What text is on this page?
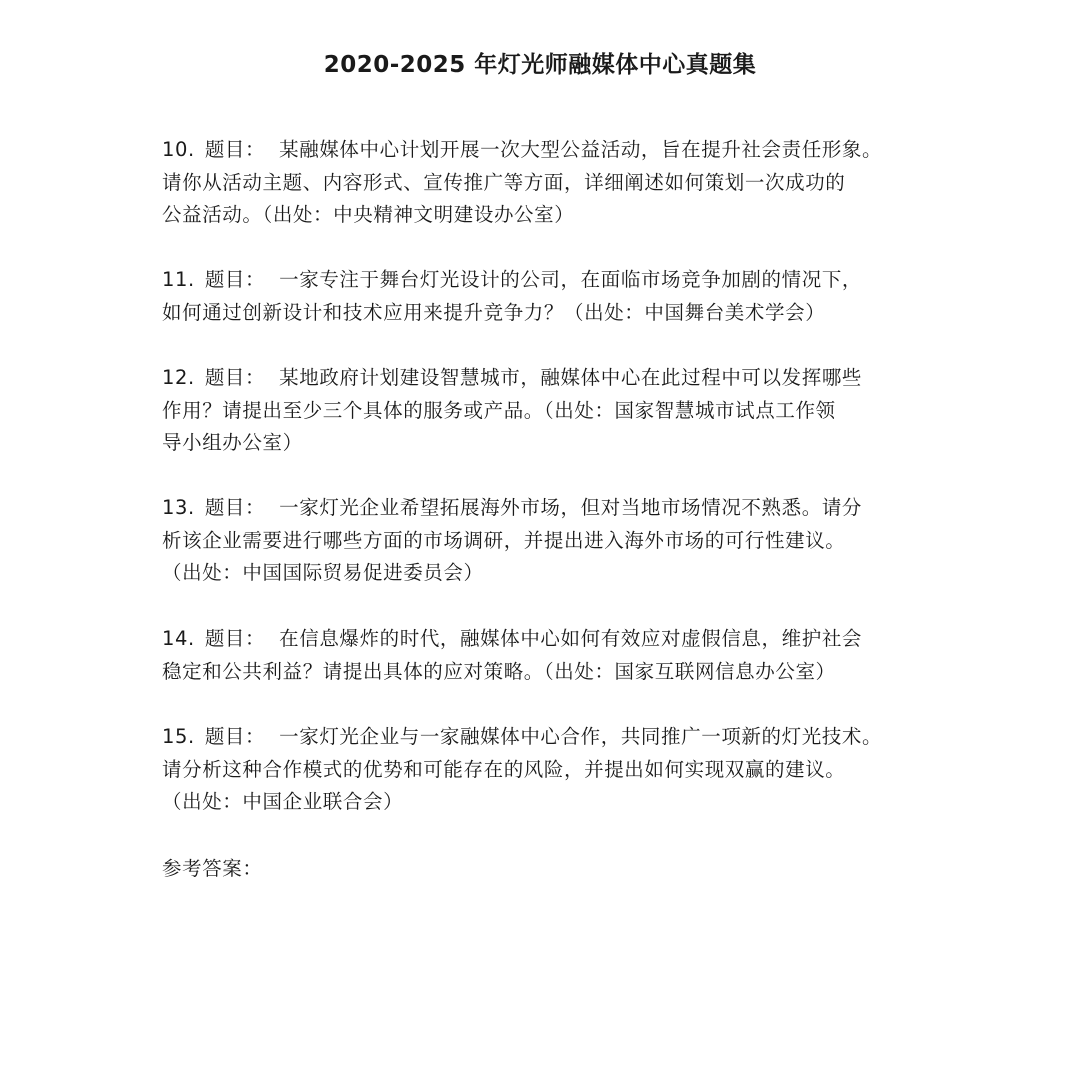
2020-2025 年灯光师融媒体中心真题集
10. 题目： 某融媒体中心计划开展一次大型公益活动，旨在提升社会责任形象。
请你从活动主题、内容形式、宣传推广等方面，详细阐述如何策划一次成功的
公益活动。（出处：中央精神文明建设办公室）
11. 题目： 一家专注于舞台灯光设计的公司，在面临市场竞争加剧的情况下，
如何通过创新设计和技术应用来提升竞争力？（出处：中国舞台美术学会）
12. 题目： 某地政府计划建设智慧城市，融媒体中心在此过程中可以发挥哪些
作用？请提出至少三个具体的服务或产品。（出处：国家智慧城市试点工作领
导小组办公室）
13. 题目： 一家灯光企业希望拓展海外市场，但对当地市场情况不熟悉。请分
析该企业需要进行哪些方面的市场调研，并提出进入海外市场的可行性建议。
（出处：中国国际贸易促进委员会）
14. 题目： 在信息爆炸的时代，融媒体中心如何有效应对虚假信息，维护社会
稳定和公共利益？请提出具体的应对策略。（出处：国家互联网信息办公室）
15. 题目： 一家灯光企业与一家融媒体中心合作，共同推广一项新的灯光技术。
请分析这种合作模式的优势和可能存在的风险，并提出如何实现双赢的建议。
（出处：中国企业联合会）

参考答案：
